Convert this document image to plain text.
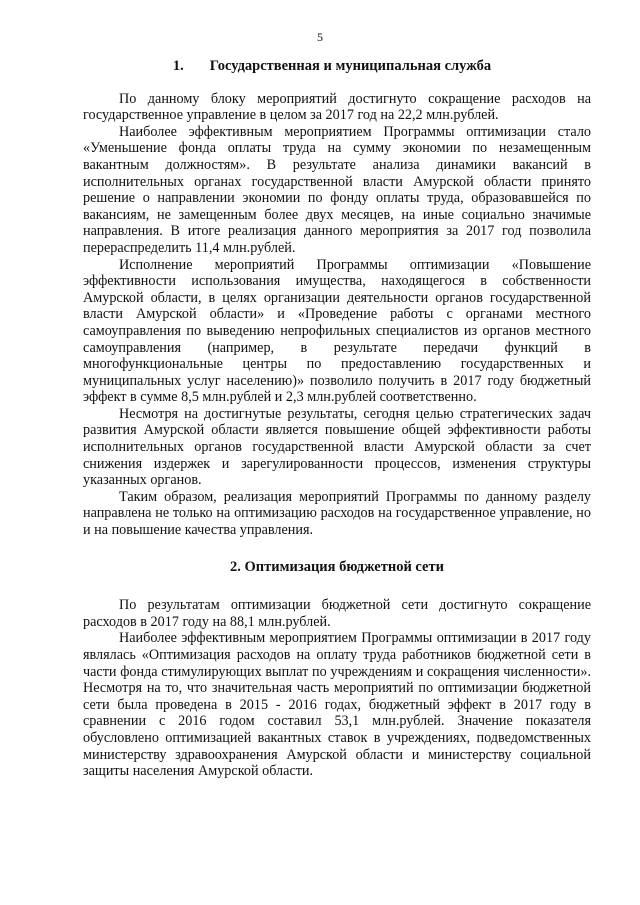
5
1. Государственная и муниципальная служба

По данному блоку мероприятий достигнуто сокращение расходов на государственное управление в целом за 2017 год на 22,2 млн.рублей.

Наиболее эффективным мероприятием Программы оптимизации стало «Уменьшение фонда оплаты труда на сумму экономии по незамещенным вакантным должностям». В результате анализа динамики вакансий в исполнительных органах государственной власти Амурской области принято решение о направлении экономии по фонду оплаты труда, образовавшейся по вакансиям, не замещенным более двух месяцев, на иные социально значимые направления. В итоге реализация данного мероприятия за 2017 год позволила перераспределить 11,4 млн.рублей.

Исполнение мероприятий Программы оптимизации «Повышение эффективности использования имущества, находящегося в собственности Амурской области, в целях организации деятельности органов государственной власти Амурской области» и «Проведение работы с органами местного самоуправления по выведению непрофильных специалистов из органов местного самоуправления (например, в результате передачи функций в многофункциональные центры по предоставлению государственных и муниципальных услуг населению)» позволило получить в 2017 году бюджетный эффект в сумме 8,5 млн.рублей и 2,3 млн.рублей соответственно.

Несмотря на достигнутые результаты, сегодня целью стратегических задач развития Амурской области является повышение общей эффективности работы исполнительных органов государственной власти Амурской области за счет снижения издержек и зарегулированности процессов, изменения структуры указанных органов.

Таким образом, реализация мероприятий Программы по данному разделу направлена не только на оптимизацию расходов на государственное управление, но и на повышение качества управления.

2. Оптимизация бюджетной сети

По результатам оптимизации бюджетной сети достигнуто сокращение расходов в 2017 году на 88,1 млн.рублей.

Наиболее эффективным мероприятием Программы оптимизации в 2017 году являлась «Оптимизация расходов на оплату труда работников бюджетной сети в части фонда стимулирующих выплат по учреждениям и сокращения численности». Несмотря на то, что значительная часть мероприятий по оптимизации бюджетной сети была проведена в 2015 - 2016 годах, бюджетный эффект в 2017 году в сравнении с 2016 годом составил 53,1 млн.рублей. Значение показателя обусловлено оптимизацией вакантных ставок в учреждениях, подведомственных министерству здравоохранения Амурской области и министерству социальной защиты населения Амурской области.
